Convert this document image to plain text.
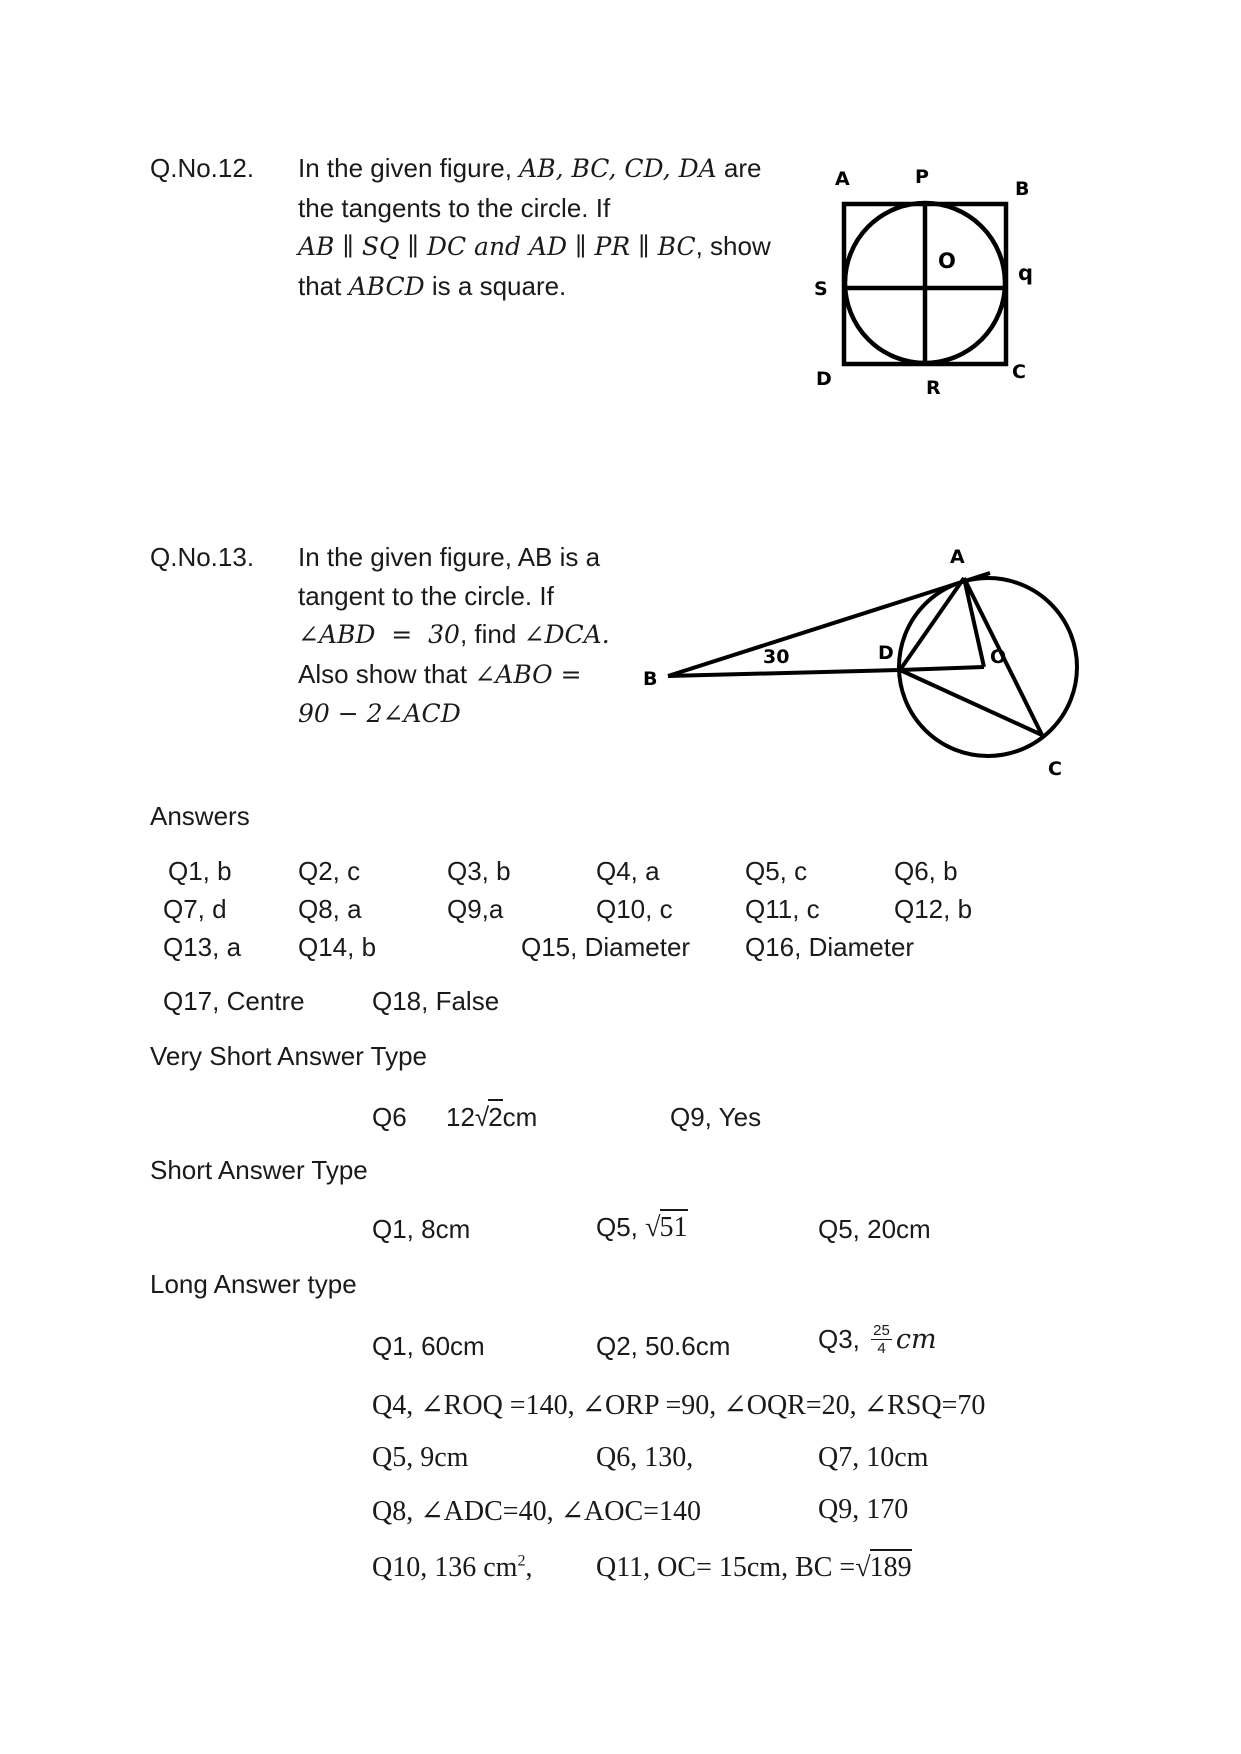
Q.No.12. In the given figure, AB, BC, CD, DA are
the tangents to the circle. If
AB ∥ SQ ∥ DC and AD ∥ PR ∥ BC, show
that ABCD is a square.
A	P
B
O	q
S
D	R
C
Q.No.13. In the given figure, AB is a
tangent to the circle. If
∠ABD  =  30, find ∠DCA.
Also show that ∠ABO =
90 − 2∠ACD
A
B
D	O
C
30
Answers
Q1, b	Q2, c	Q3, b	Q4, a	Q5, c	Q6, b
Q7, d	Q8, a	Q9,a	Q10, c	Q11, c	Q12, b
Q13, a Q14, b	Q15, Diameter Q16, Diameter
Q17, Centre	Q18, False
Very Short Answer Type
Q6 12√2cm	Q9, Yes
Short Answer Type
Q1, 8cm	Q5, √51	Q5, 20cm
Long Answer type
Q1, 60cm	Q2, 50.6cm	Q3, $\frac{25}{4}$ cm
Q4, ∠ROQ =140, ∠ORP =90, ∠OQR=20, ∠RSQ=70
Q5, 9cm	Q6, 130,	Q7, 10cm
Q8, ∠ADC=40, ∠AOC=140	Q9, 170
Q10, 136 $cm^2$, Q11, OC= 15cm, BC =√189
